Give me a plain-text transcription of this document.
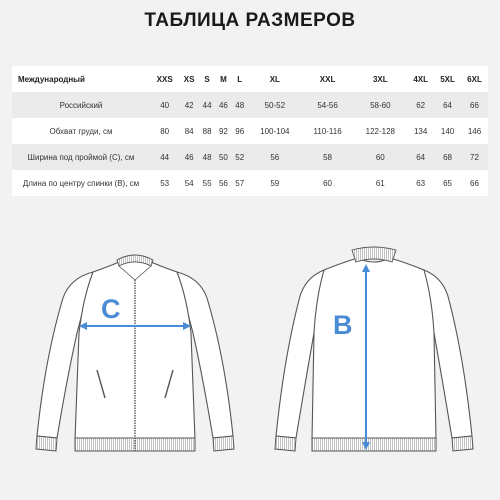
ТАБЛИЦА РАЗМЕРОВ
Международный	XXS	XS	S	M	L	XL	XXL	3XL	4XL	5XL	6XL
Российский	40	42	44	46	48	50-52	54-56	58-60	62	64	66
Обхват груди, см	80	84	88	92	96	100-104	110-116	122-128	134	140	146
Ширина под проймой (С), см	44	46	48	50	52	56	58	60	64	68	72
Длина по центру спинки (В), см	53	54	55	56	57	59	60	61	63	65	66
C
B
